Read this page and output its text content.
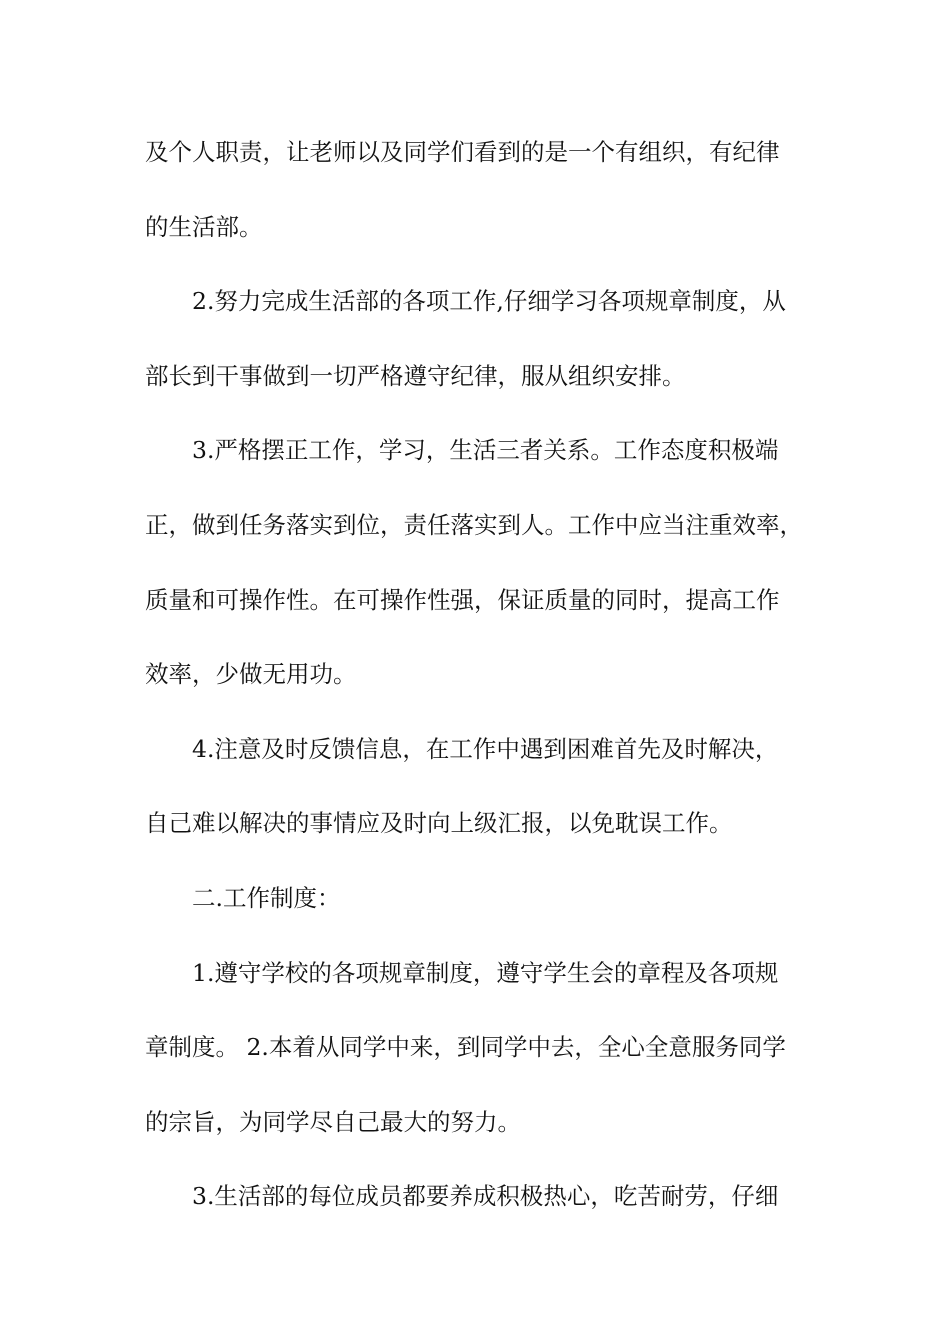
及个人职责，让老师以及同学们看到的是一个有组织，有纪律
的生活部。
2.努力完成生活部的各项工作,仔细学习各项规章制度，从
部长到干事做到一切严格遵守纪律，服从组织安排。
3.严格摆正工作，学习，生活三者关系。工作态度积极端
正，做到任务落实到位，责任落实到人。工作中应当注重效率，
质量和可操作性。在可操作性强，保证质量的同时，提高工作
效率，少做无用功。
4.注意及时反馈信息，在工作中遇到困难首先及时解决，
自己难以解决的事情应及时向上级汇报，以免耽误工作。
二.工作制度：
1.遵守学校的各项规章制度，遵守学生会的章程及各项规
章制度。 2.本着从同学中来，到同学中去，全心全意服务同学
的宗旨，为同学尽自己最大的努力。
3.生活部的每位成员都要养成积极热心，吃苦耐劳，仔细
